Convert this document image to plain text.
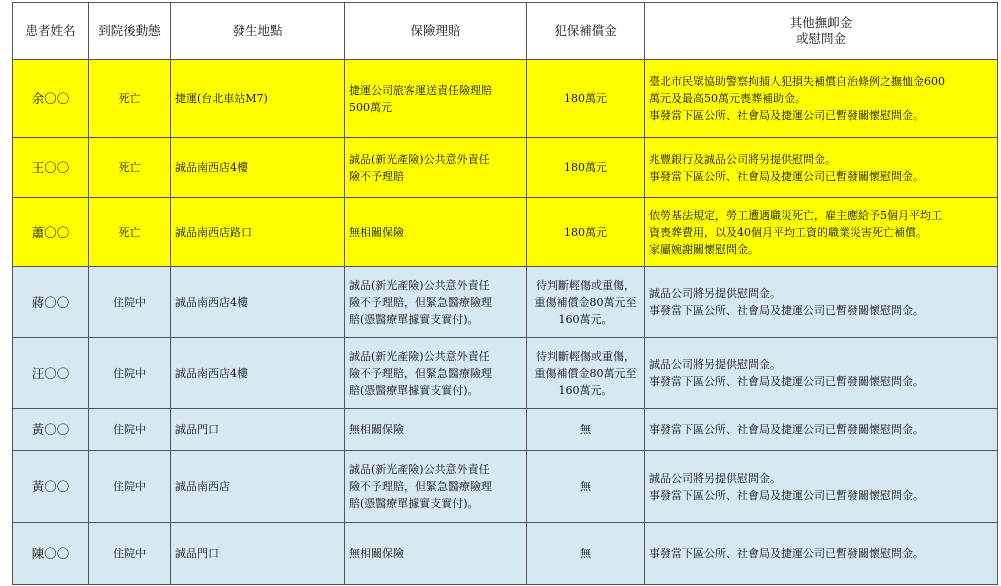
患者姓名	到院後動態	發生地點	保險理賠	犯保補償金	其他撫卹金
或慰問金
余〇〇	死亡	捷運(台北車站M7)	捷運公司旅客運送責任險理賠
500萬元	180萬元	臺北市民眾協助警察拘捕人犯損失補償自治條例之撫恤金600
萬元及最高50萬元喪葬補助金。
事發當下區公所、社會局及捷運公司已暫發關懷慰問金。
王〇〇	死亡	誠品南西店4樓	誠品(新光產險)公共意外責任
險不予理賠	180萬元	兆豐銀行及誠品公司將另提供慰問金。
事發當下區公所、社會局及捷運公司已暫發關懷慰問金。
蕭〇〇	死亡	誠品南西店路口	無相關保險	180萬元	依勞基法規定，勞工遭遇職災死亡，雇主應給予5個月平均工
資喪葬費用，以及40個月平均工資的職業災害死亡補償。
家屬婉謝關懷慰問金。
蔣〇〇	住院中	誠品南西店4樓	誠品(新光產險)公共意外責任
險不予理賠，但緊急醫療險理
賠(憑醫療單據實支實付)。	待判斷輕傷或重傷，
重傷補償金80萬元至
160萬元。	誠品公司將另提供慰問金。
事發當下區公所、社會局及捷運公司已暫發關懷慰問金。
汪〇〇	住院中	誠品南西店4樓	誠品(新光產險)公共意外責任
險不予理賠，但緊急醫療險理
賠(憑醫療單據實支實付)。	待判斷輕傷或重傷，
重傷補償金80萬元至
160萬元。	誠品公司將另提供慰問金。
事發當下區公所、社會局及捷運公司已暫發關懷慰問金。
黃〇〇	住院中	誠品門口	無相關保險	無	事發當下區公所、社會局及捷運公司已暫發關懷慰問金。
黃〇〇	住院中	誠品南西店	誠品(新光產險)公共意外責任
險不予理賠，但緊急醫療險理
賠(憑醫療單據實支實付)。	無	誠品公司將另提供慰問金。
事發當下區公所、社會局及捷運公司已暫發關懷慰問金。
陳〇〇	住院中	誠品門口	無相關保險	無	事發當下區公所、社會局及捷運公司已暫發關懷慰問金。
